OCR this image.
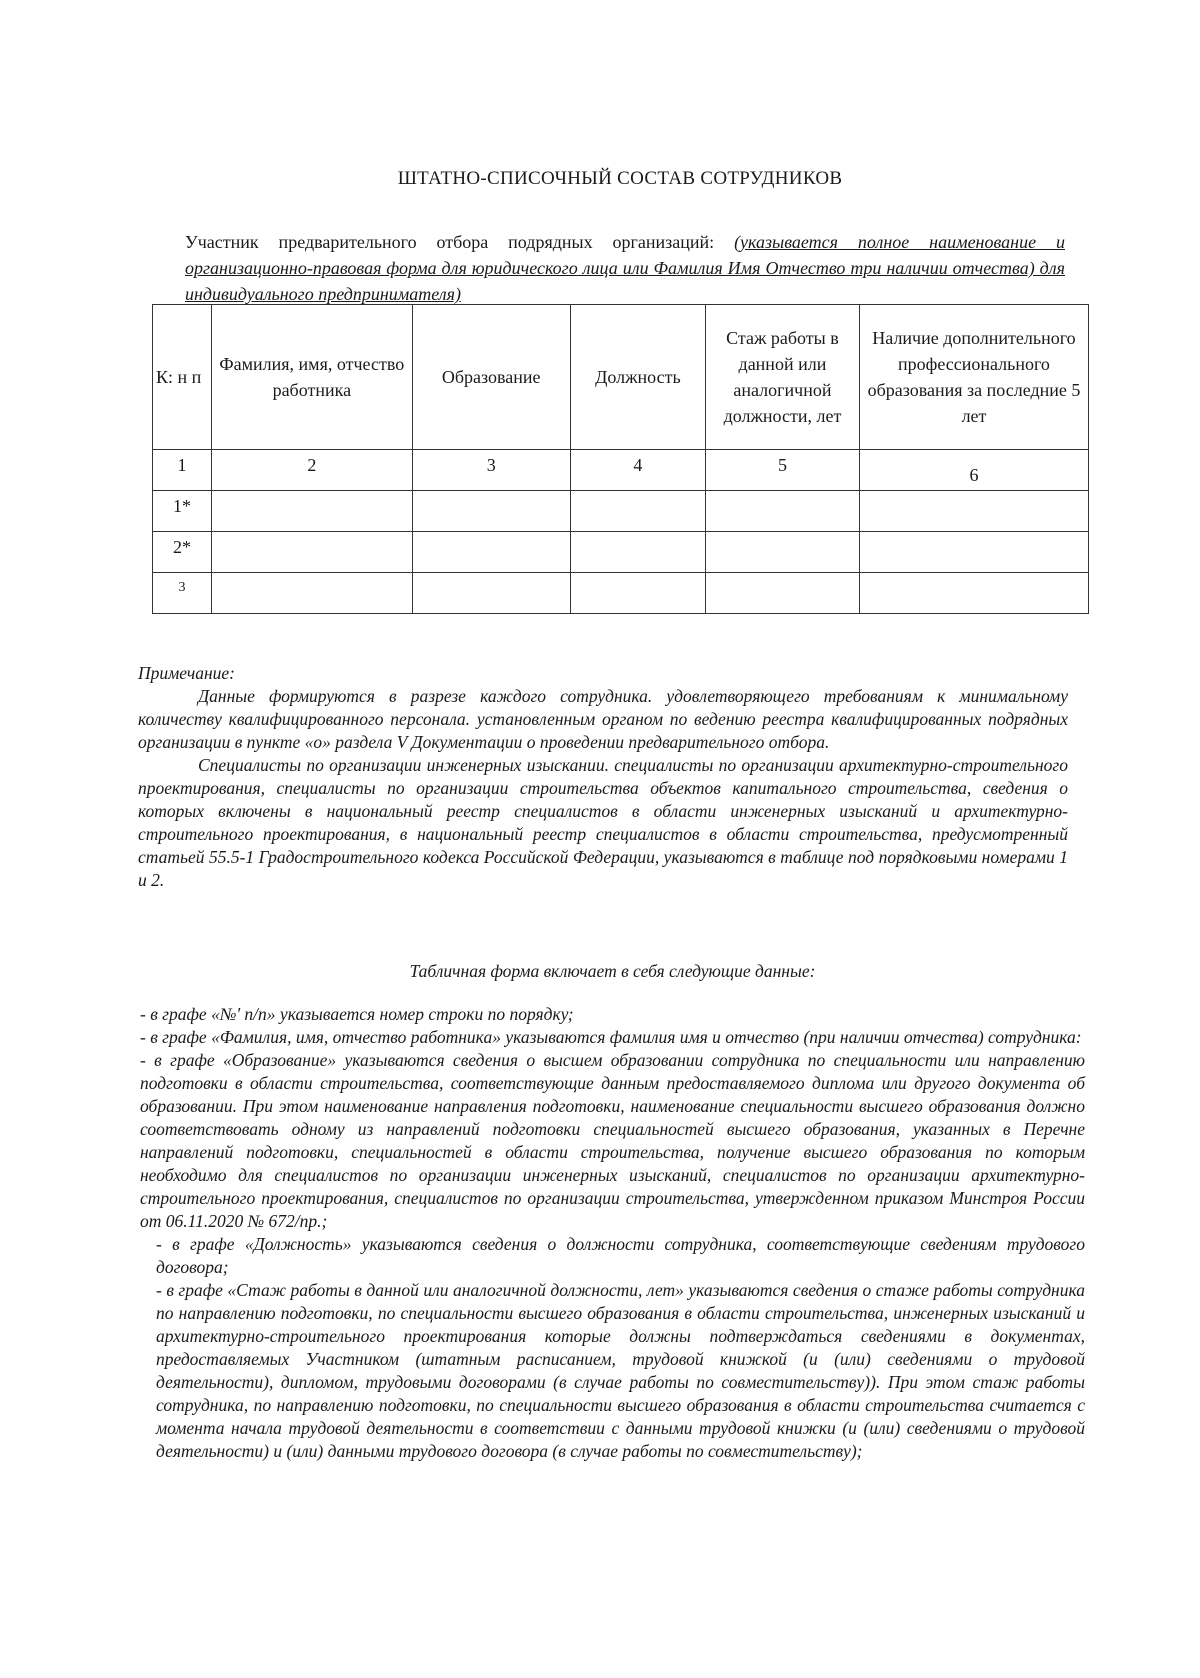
ШТАТНО-СПИСОЧНЫЙ СОСТАВ СОТРУДНИКОВ
Участник предварительного отбора подрядных организаций: (указывается полное наименование и организационно-правовая форма для юридического лица или Фамилия Имя Отчество три наличии отчества) для индивидуального предпринимателя)
К: н п	Фамилия, имя, отчество работника	Образование	Должность	Стаж работы в данной или аналогичной должности, лет	Наличие дополнительного профессионального образования за последние 5 лет
1	2	3	4	5	6
1*					
2*					
3					

Примечание:

Данные формируются в разрезе каждого сотрудника. удовлетворяющего требованиям к минимальному количеству квалифицированного персонала. установленным органом по ведению реестра квалифицированных подрядных организации в пункте «о» раздела V Документации о проведении предварительного отбора.

Специалисты по организации инженерных изыскании. специалисты по организации архитектурно-строительного проектирования, специалисты по организации строительства объектов капитального строительства, сведения о которых включены в национальный реестр специалистов в области инженерных изысканий и архитектурно-строительного проектирования, в национальный реестр специалистов в области строительства, предусмотренный статьей 55.5-1 Градостроительного кодекса Российской Федерации, указываются в таблице под порядковыми номерами 1 и 2.

Табличная форма включает в себя следующие данные:

- в графе «№' п/п» указывается номер строки по порядку;

- в графе «Фамилия, имя, отчество работника» указываются фамилия имя и отчество (при наличии отчества) сотрудника:

- в графе «Образование» указываются сведения о высшем образовании сотрудника по специальности или направлению подготовки в области строительства, соответствующие данным предоставляемого диплома или другого документа об образовании. При этом наименование направления подготовки, наименование специальности высшего образования должно соответствовать одному из направлений подготовки специальностей высшего образования, указанных в Перечне направлений подготовки, специальностей в области строительства, получение высшего образования по которым необходимо для специалистов по организации инженерных изысканий, специалистов по организации архитектурно-строительного проектирования, специалистов по организации строительства, утвержденном приказом Минстроя России от 06.11.2020 № 672/пр.;

- в графе «Должность» указываются сведения о должности сотрудника, соответствующие сведениям трудового договора;

- в графе «Стаж работы в данной или аналогичной должности, лет» указываются сведения о стаже работы сотрудника по направлению подготовки, по специальности высшего образования в области строительства, инженерных изысканий и архитектурно-строительного проектирования которые должны подтверждаться сведениями в документах, предоставляемых Участником (штатным расписанием, трудовой книжкой (и (или) сведениями о трудовой деятельности), дипломом, трудовыми договорами (в случае работы по совместительству)). При этом стаж работы сотрудника, по направлению подготовки, по специальности высшего образования в области строительства считается с момента начала трудовой деятельности в соответствии с данными трудовой книжки (и (или) сведениями о трудовой деятельности) и (или) данными трудового договора (в случае работы по совместительству);
